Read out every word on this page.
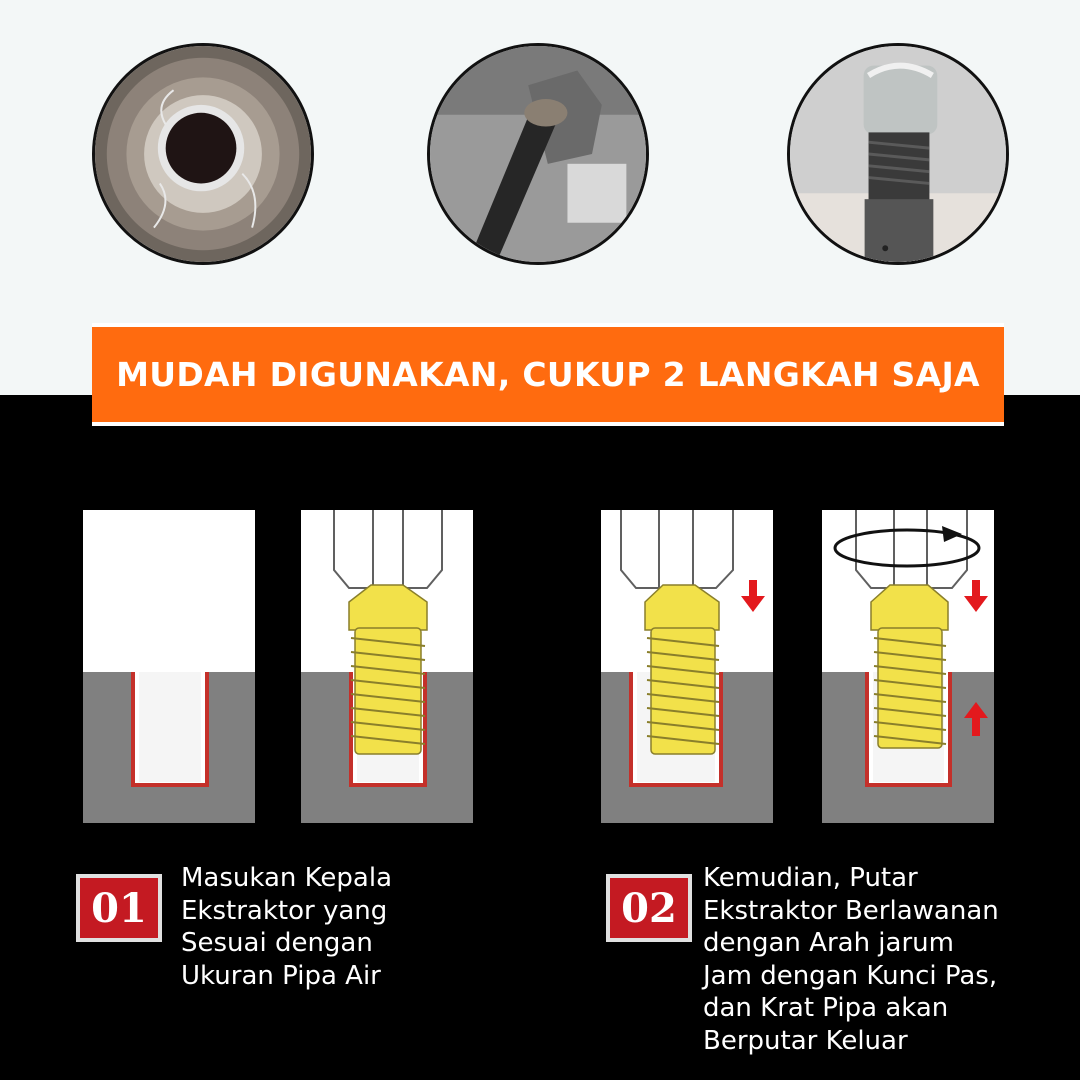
MUDAH DIGUNAKAN, CUKUP 2 LANGKAH SAJA
01
Masukan Kepala
Ekstraktor yang
Sesuai dengan
Ukuran Pipa Air
02
Kemudian, Putar
Ekstraktor Berlawanan
dengan Arah jarum
Jam dengan Kunci Pas,
dan Krat Pipa akan
Berputar Keluar
